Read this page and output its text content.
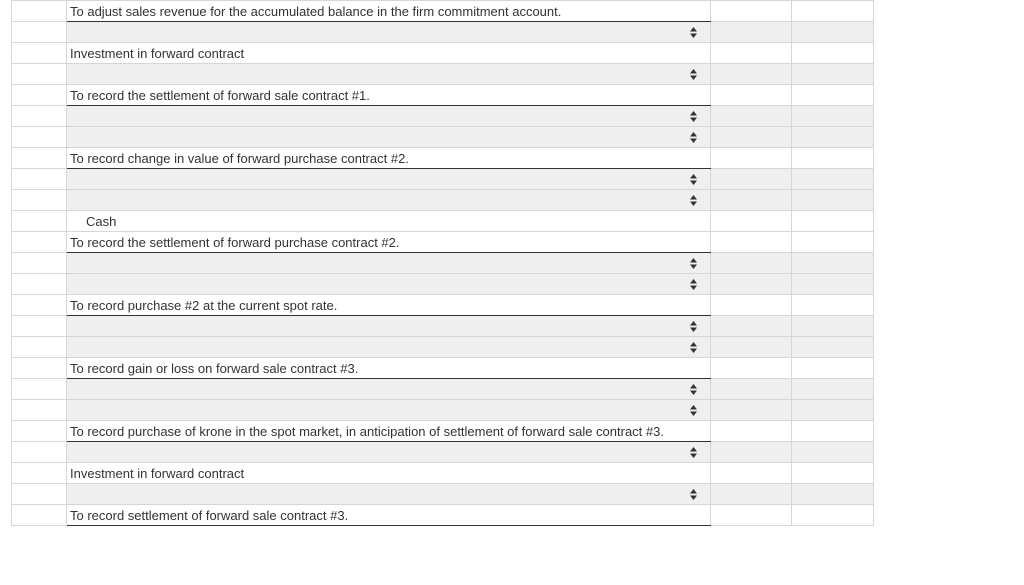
	To adjust sales revenue for the accumulated balance in the firm commitment account.		

	Investment in forward contract		

	To record the settlement of forward sale contract #1.		

	To record change in value of forward purchase contract #2.		

	Cash		

	To record the settlement of forward purchase contract #2.		

	To record purchase #2 at the current spot rate.		

	To record gain or loss on forward sale contract #3.		

	To record purchase of krone in the spot market, in anticipation of settlement of forward sale contract #3.		

	Investment in forward contract		

	To record settlement of forward sale contract #3.		
